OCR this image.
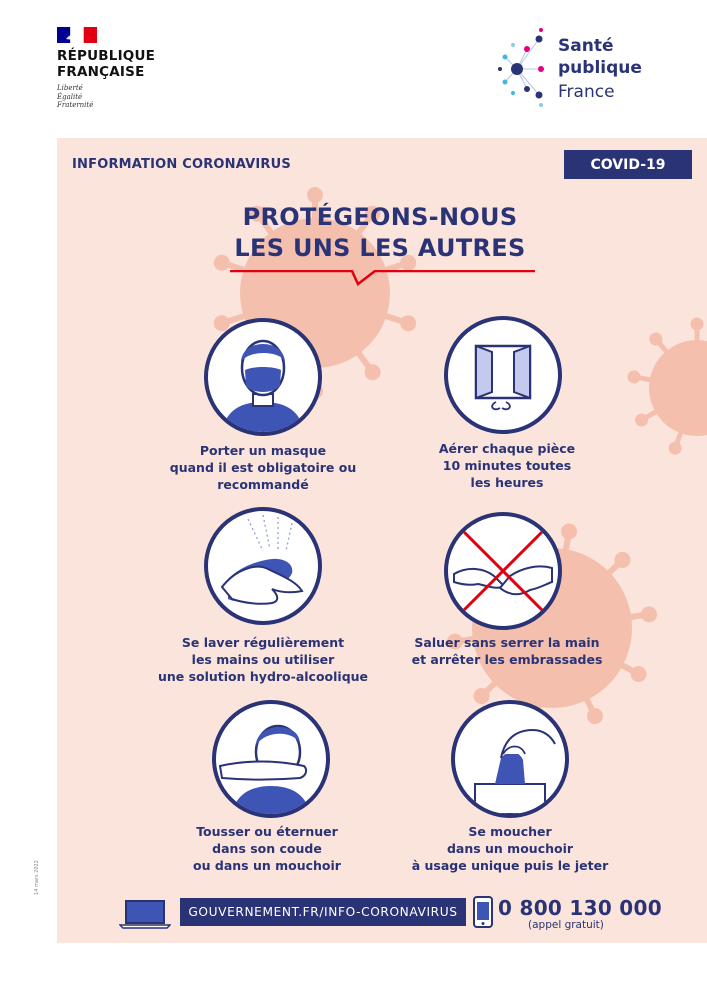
RÉPUBLIQUE
FRANÇAISE
Liberté
Égalité
Fraternité
Santé
publique
France
INFORMATION CORONAVIRUS	COVID-19
PROTÉGEONS-NOUS
LES UNS LES AUTRES
Porter un masque
quand il est obligatoire ou
recommandé
Aérer chaque pièce
10 minutes toutes
les heures
Se laver régulièrement
les mains ou utiliser
une solution hydro-alcoolique
Saluer sans serrer la main
et arrêter les embrassades
Tousser ou éternuer
dans son coude
ou dans un mouchoir
Se moucher
dans un mouchoir
à usage unique puis le jeter
GOUVERNEMENT.FR/INFO-CORONAVIRUS	0 800 130 000
(appel gratuit)
14 mars 2022
